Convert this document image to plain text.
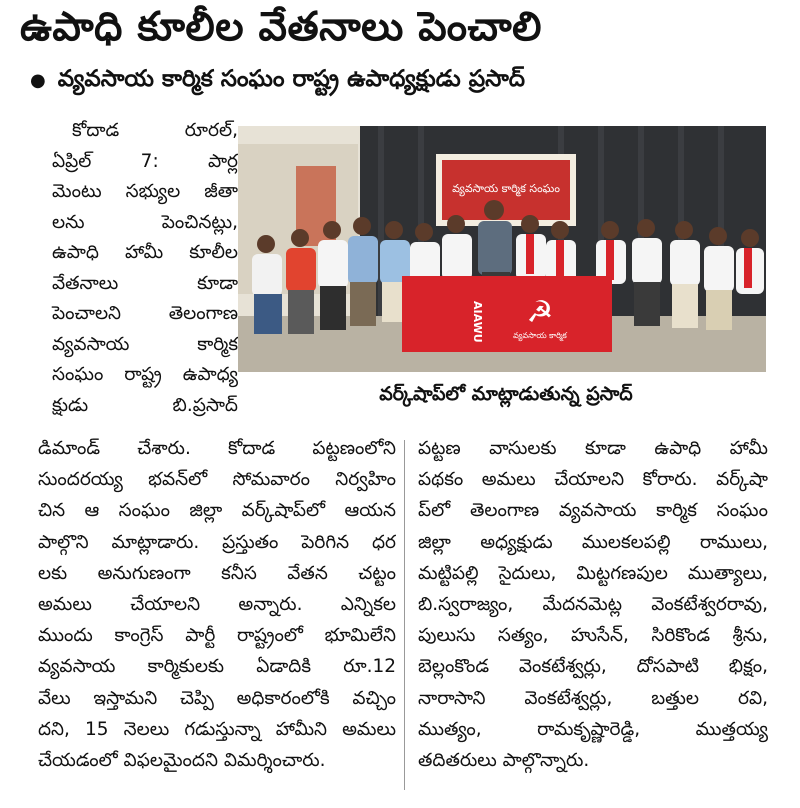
ఉపాధి కూలీల వేతనాలు పెంచాలి
● వ్యవసాయ కార్మిక సంఘం రాష్ట్ర ఉపాధ్యక్షుడు ప్రసాద్
కోదాడ రూరల్,
ఏప్రిల్ 7: పార్ల
మెంటు సభ్యుల జీతా
లను పెంచినట్లు,
ఉపాధి హామీ కూలీల
వేతనాలు కూడా
పెంచాలని తెలంగాణ
వ్యవసాయ కార్మిక
సంఘం రాష్ట్ర ఉపాధ్య
క్షుడు బి.ప్రసాద్
వ్యవసాయ కార్మిక సంఘం
AIAWU	వ్యవసాయ కార్మిక
☭
వర్క్‌షాప్‌లో మాట్లాడుతున్న ప్రసాద్
డిమాండ్ చేశారు. కోదాడ పట్టణంలోని
సుందరయ్య భవన్‌లో సోమవారం నిర్వహిం
చిన ఆ సంఘం జిల్లా వర్క్‌షాప్‌లో ఆయన
పాల్గొని మాట్లాడారు. ప్రస్తుతం పెరిగిన ధర
లకు అనుగుణంగా కనీస వేతన చట్టం
అమలు చేయాలని అన్నారు. ఎన్నికల
ముందు కాంగ్రెస్ పార్టీ రాష్ట్రంలో భూమిలేని
వ్యవసాయ కార్మికులకు ఏడాదికి రూ.12
వేలు ఇస్తామని చెప్పి అధికారంలోకి వచ్చిం
దని, 15 నెలలు గడుస్తున్నా హామీని అమలు
చేయడంలో విఫలమైందని విమర్శించారు.
పట్టణ వాసులకు కూడా ఉపాధి హామీ
పథకం అమలు చేయాలని కోరారు. వర్క్‌షా
ప్‌లో తెలంగాణ వ్యవసాయ కార్మిక సంఘం
జిల్లా అధ్యక్షుడు ములకలపల్లి రాములు,
మట్టిపల్లి సైదులు, మిట్టగణపుల ముత్యాలు,
బి.స్వరాజ్యం, మేదనమెట్ల వెంకటేశ్వరరావు,
పులుసు సత్యం, హుసేన్, సిరికొండ శ్రీను,
బెల్లంకొండ వెంకటేశ్వర్లు, దోసపాటి భిక్షం,
నారాసాని వెంకటేశ్వర్లు, బత్తుల రవి,
ముత్యం, రామకృష్ణారెడ్డి, ముత్తయ్య
తదితరులు పాల్గొన్నారు.
